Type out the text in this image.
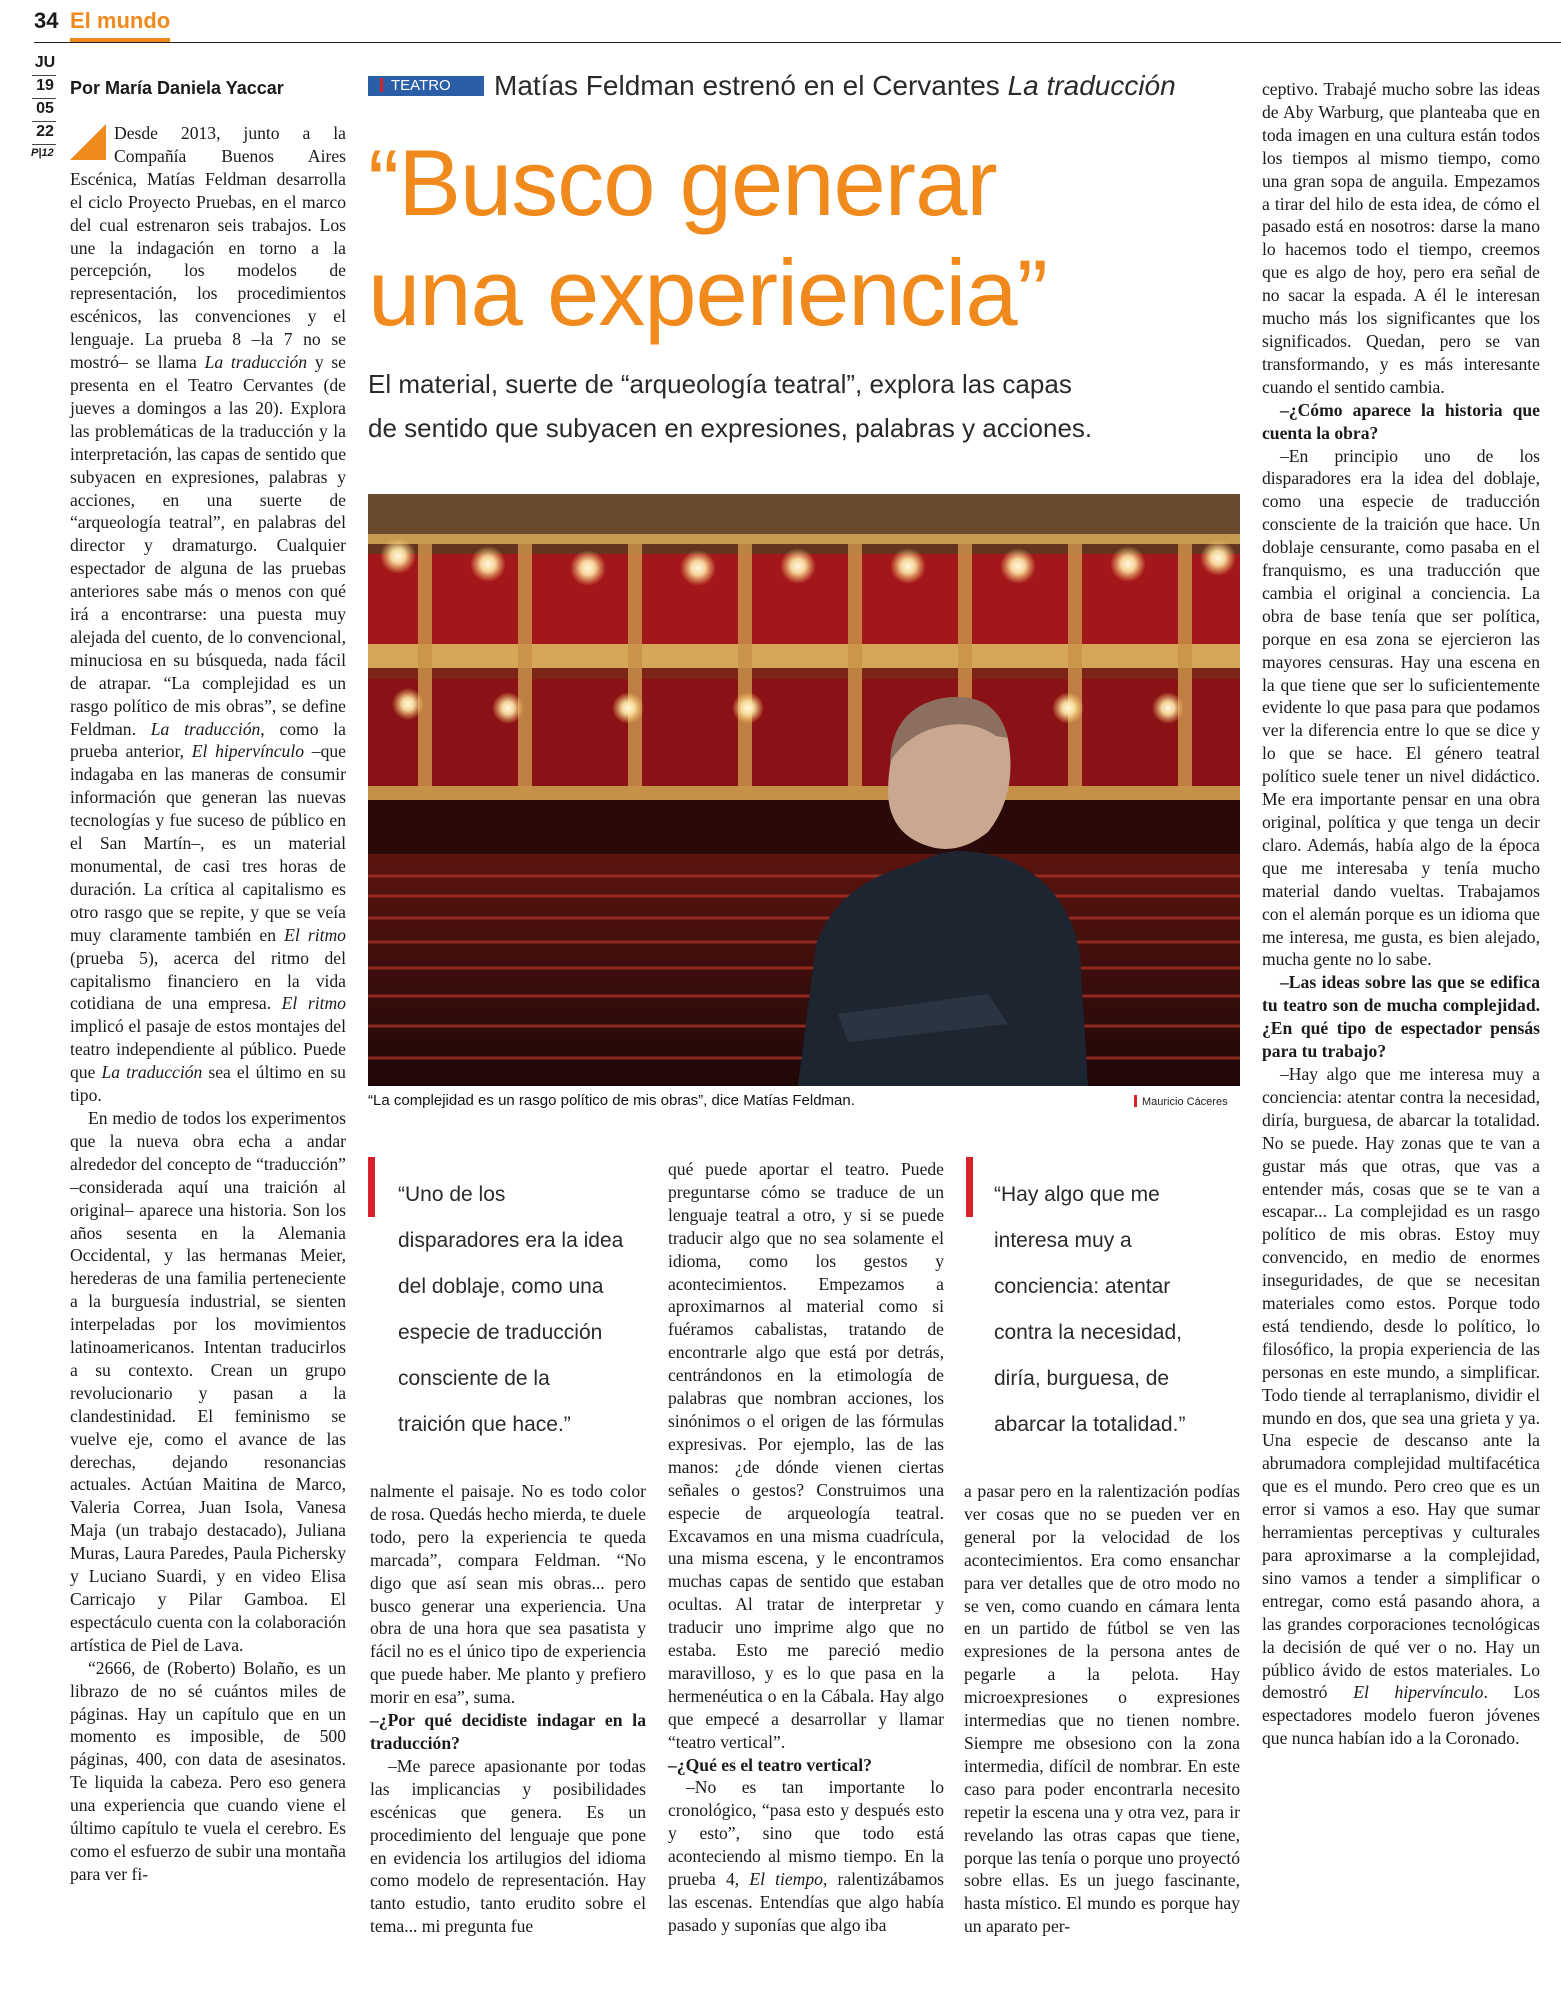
34 El mundo
JU
19
05
22
P|12
Por María Daniela Yaccar

Desde 2013, junto a la Compañía Buenos Aires Escénica, Matías Feldman desarrolla el ciclo Proyecto Pruebas, en el marco del cual estrenaron seis trabajos. Los une la indagación en torno a la percepción, los modelos de representación, los procedimientos escénicos, las convenciones y el lenguaje. La prueba 8 –la 7 no se mostró– se llama La traducción y se presenta en el Teatro Cervantes (de jueves a domingos a las 20). Explora las problemáticas de la traducción y la interpretación, las capas de sentido que subyacen en expresiones, palabras y acciones, en una suerte de “arqueología teatral”, en palabras del director y dramaturgo. Cualquier espectador de alguna de las pruebas anteriores sabe más o menos con qué irá a encontrarse: una puesta muy alejada del cuento, de lo convencional, minuciosa en su búsqueda, nada fácil de atrapar. “La complejidad es un rasgo político de mis obras”, se define Feldman. La traducción, como la prueba anterior, El hipervínculo –que indagaba en las maneras de consumir información que generan las nuevas tecnologías y fue suceso de público en el San Martín–, es un material monumental, de casi tres horas de duración. La crítica al capitalismo es otro rasgo que se repite, y que se veía muy claramente también en El ritmo (prueba 5), acerca del ritmo del capitalismo financiero en la vida cotidiana de una empresa. El ritmo implicó el pasaje de estos montajes del teatro independiente al público. Puede que La traducción sea el último en su tipo.

En medio de todos los experimentos que la nueva obra echa a andar alrededor del concepto de “traducción” –considerada aquí una traición al original– aparece una historia. Son los años sesenta en la Alemania Occidental, y las hermanas Meier, herederas de una familia perteneciente a la burguesía industrial, se sienten interpeladas por los movimientos latinoamericanos. Intentan traducirlos a su contexto. Crean un grupo revolucionario y pasan a la clandestinidad. El feminismo se vuelve eje, como el avance de las derechas, dejando resonancias actuales. Actúan Maitina de Marco, Valeria Correa, Juan Isola, Vanesa Maja (un trabajo destacado), Juliana Muras, Laura Paredes, Paula Pichersky y Luciano Suardi, y en video Elisa Carricajo y Pilar Gamboa. El espectáculo cuenta con la colaboración artística de Piel de Lava.

“2666, de (Roberto) Bolaño, es un librazo de no sé cuántos miles de páginas. Hay un capítulo que en un momento es imposible, de 500 páginas, 400, con data de asesinatos. Te liquida la cabeza. Pero eso genera una experiencia que cuando viene el último capítulo te vuela el cerebro. Es como el esfuerzo de subir una montaña para ver fi-

TEATRO	Matías Feldman estrenó en el Cervantes La traducción
“Busco generar
una experiencia”
El material, suerte de “arqueología teatral”, explora las capas
de sentido que subyacen en expresiones, palabras y acciones.
“La complejidad es un rasgo político de mis obras”, dice Matías Feldman.	Mauricio Cáceres
“Uno de los
disparadores era la idea
del doblaje, como una
especie de traducción
consciente de la
traición que hace.”
“Hay algo que me
interesa muy a
conciencia: atentar
contra la necesidad,
diría, burguesa, de
abarcar la totalidad.”

nalmente el paisaje. No es todo color de rosa. Quedás hecho mierda, te duele todo, pero la experiencia te queda marcada”, compara Feldman. “No digo que así sean mis obras... pero busco generar una experiencia. Una obra de una hora que sea pasatista y fácil no es el único tipo de experiencia que puede haber. Me planto y prefiero morir en esa”, suma.

–¿Por qué decidiste indagar en la traducción?

–Me parece apasionante por todas las implicancias y posibilidades escénicas que genera. Es un procedimiento del lenguaje que pone en evidencia los artilugios del idioma como modelo de representación. Hay tanto estudio, tanto erudito sobre el tema... mi pregunta fue

qué puede aportar el teatro. Puede preguntarse cómo se traduce de un lenguaje teatral a otro, y si se puede traducir algo que no sea solamente el idioma, como los gestos y acontecimientos. Empezamos a aproximarnos al material como si fuéramos cabalistas, tratando de encontrarle algo que está por detrás, centrándonos en la etimología de palabras que nombran acciones, los sinónimos o el origen de las fórmulas expresivas. Por ejemplo, las de las manos: ¿de dónde vienen ciertas señales o gestos? Construimos una especie de arqueología teatral. Excavamos en una misma cuadrícula, una misma escena, y le encontramos muchas capas de sentido que estaban ocultas. Al tratar de interpretar y traducir uno imprime algo que no estaba. Esto me pareció medio maravilloso, y es lo que pasa en la hermenéutica o en la Cábala. Hay algo que empecé a desarrollar y llamar “teatro vertical”.

–¿Qué es el teatro vertical?

–No es tan importante lo cronológico, “pasa esto y después esto y esto”, sino que todo está aconteciendo al mismo tiempo. En la prueba 4, El tiempo, ralentizábamos las escenas. Entendías que algo había pasado y suponías que algo iba

a pasar pero en la ralentización podías ver cosas que no se pueden ver en general por la velocidad de los acontecimientos. Era como ensanchar para ver detalles que de otro modo no se ven, como cuando en cámara lenta en un partido de fútbol se ven las expresiones de la persona antes de pegarle a la pelota. Hay microexpresiones o expresiones intermedias que no tienen nombre. Siempre me obsesiono con la zona intermedia, difícil de nombrar. En este caso para poder encontrarla necesito repetir la escena una y otra vez, para ir revelando las otras capas que tiene, porque las tenía o porque uno proyectó sobre ellas. Es un juego fascinante, hasta místico. El mundo es porque hay un aparato per-

ceptivo. Trabajé mucho sobre las ideas de Aby Warburg, que planteaba que en toda imagen en una cultura están todos los tiempos al mismo tiempo, como una gran sopa de anguila. Empezamos a tirar del hilo de esta idea, de cómo el pasado está en nosotros: darse la mano lo hacemos todo el tiempo, creemos que es algo de hoy, pero era señal de no sacar la espada. A él le interesan mucho más los significantes que los significados. Quedan, pero se van transformando, y es más interesante cuando el sentido cambia.

–¿Cómo aparece la historia que cuenta la obra?

–En principio uno de los disparadores era la idea del doblaje, como una especie de traducción consciente de la traición que hace. Un doblaje censurante, como pasaba en el franquismo, es una traducción que cambia el original a conciencia. La obra de base tenía que ser política, porque en esa zona se ejercieron las mayores censuras. Hay una escena en la que tiene que ser lo suficientemente evidente lo que pasa para que podamos ver la diferencia entre lo que se dice y lo que se hace. El género teatral político suele tener un nivel didáctico. Me era importante pensar en una obra original, política y que tenga un decir claro. Además, había algo de la época que me interesaba y tenía mucho material dando vueltas. Trabajamos con el alemán porque es un idioma que me interesa, me gusta, es bien alejado, mucha gente no lo sabe.

–Las ideas sobre las que se edifica tu teatro son de mucha complejidad. ¿En qué tipo de espectador pensás para tu trabajo?

–Hay algo que me interesa muy a conciencia: atentar contra la necesidad, diría, burguesa, de abarcar la totalidad. No se puede. Hay zonas que te van a gustar más que otras, que vas a entender más, cosas que se te van a escapar... La complejidad es un rasgo político de mis obras. Estoy muy convencido, en medio de enormes inseguridades, de que se necesitan materiales como estos. Porque todo está tendiendo, desde lo político, lo filosófico, la propia experiencia de las personas en este mundo, a simplificar. Todo tiende al terraplanismo, dividir el mundo en dos, que sea una grieta y ya. Una especie de descanso ante la abrumadora complejidad multifacética que es el mundo. Pero creo que es un error si vamos a eso. Hay que sumar herramientas perceptivas y culturales para aproximarse a la complejidad, sino vamos a tender a simplificar o entregar, como está pasando ahora, a las grandes corporaciones tecnológicas la decisión de qué ver o no. Hay un público ávido de estos materiales. Lo demostró El hipervínculo. Los espectadores modelo fueron jóvenes que nunca habían ido a la Coronado.
